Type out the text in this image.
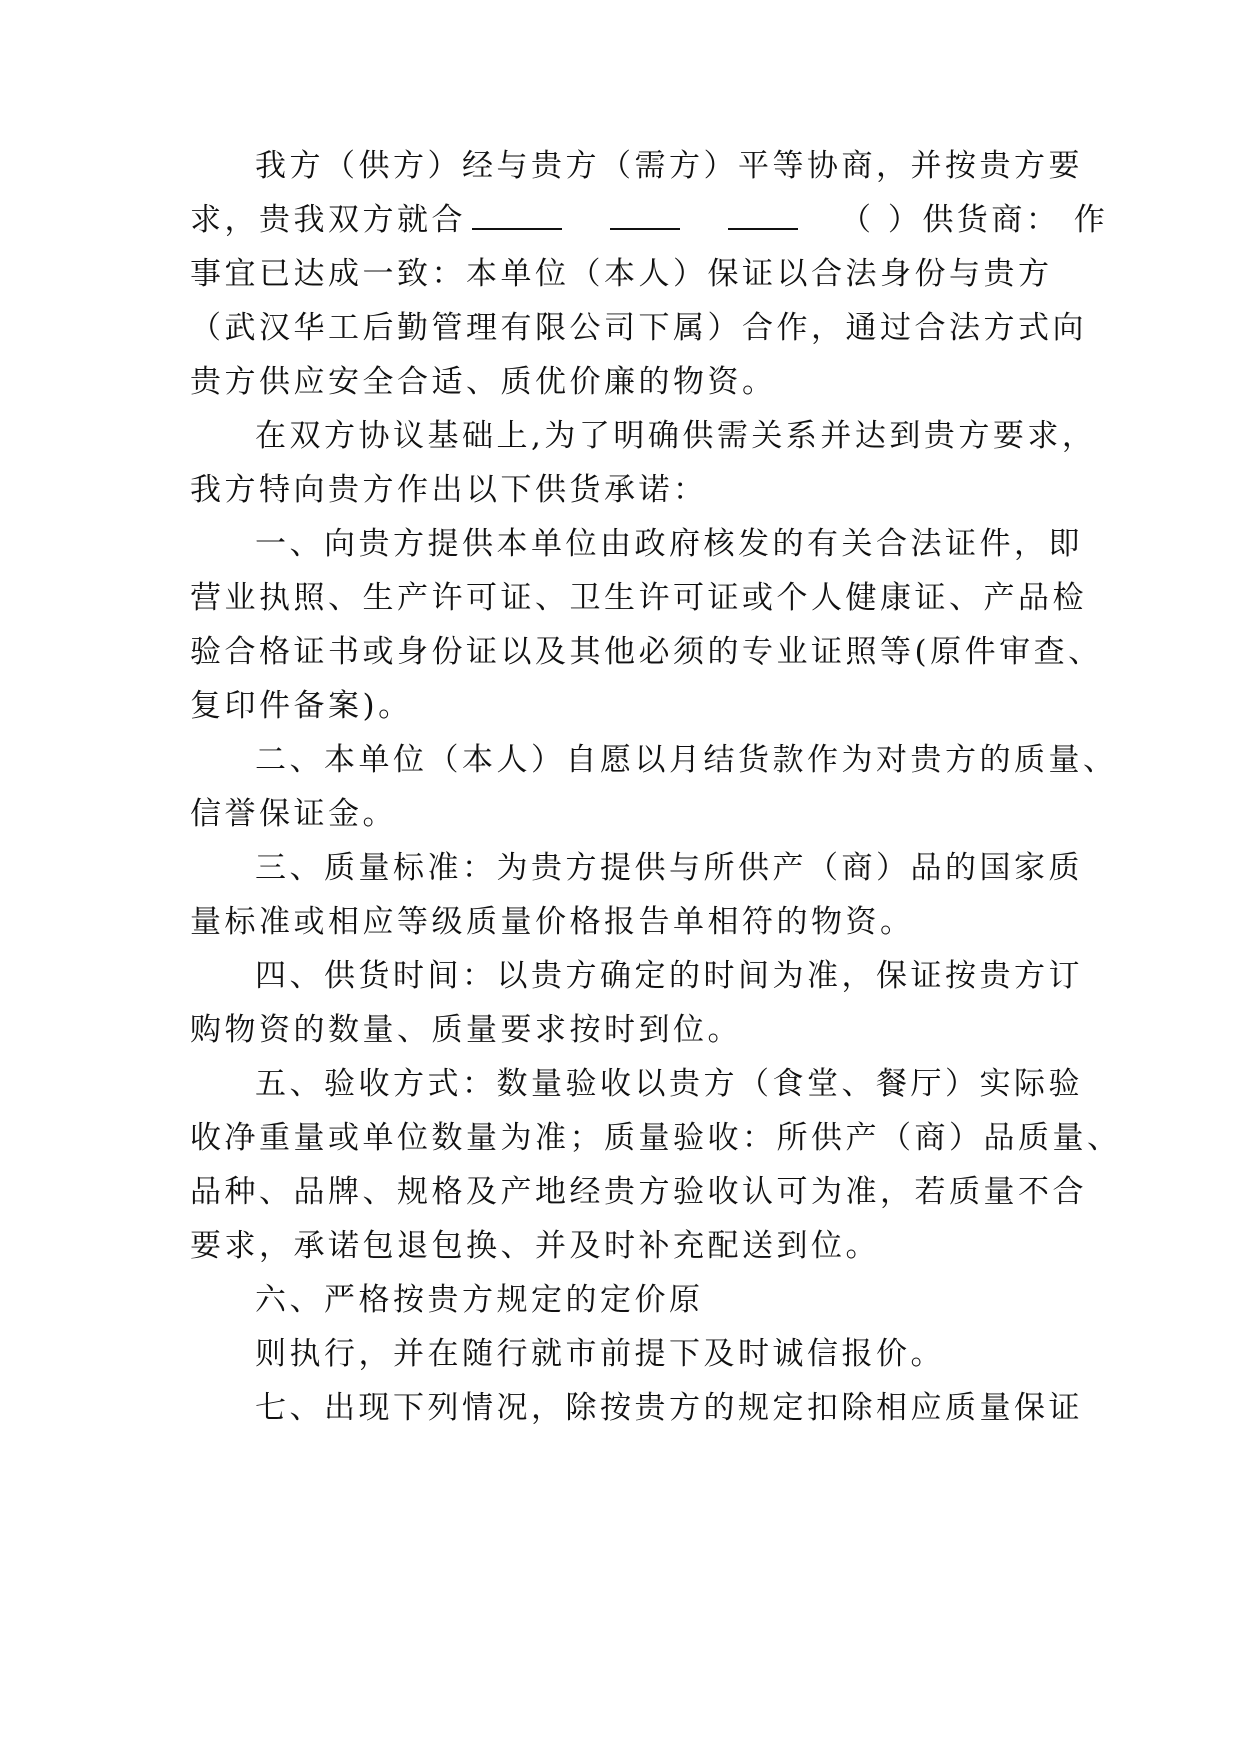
我方（供方）经与贵方（需方）平等协商，并按贵方要
求，贵我双方就合	（ ）供货商： 作
事宜已达成一致：本单位（本人）保证以合法身份与贵方
（武汉华工后勤管理有限公司下属）合作，通过合法方式向
贵方供应安全合适、质优价廉的物资。
在双方协议基础上,为了明确供需关系并达到贵方要求，
我方特向贵方作出以下供货承诺：
一、向贵方提供本单位由政府核发的有关合法证件，即
营业执照、生产许可证、卫生许可证或个人健康证、产品检
验合格证书或身份证以及其他必须的专业证照等(原件审查、
复印件备案)。
二、本单位（本人）自愿以月结货款作为对贵方的质量、
信誉保证金。
三、质量标准：为贵方提供与所供产（商）品的国家质
量标准或相应等级质量价格报告单相符的物资。
四、供货时间：以贵方确定的时间为准，保证按贵方订
购物资的数量、质量要求按时到位。
五、验收方式：数量验收以贵方（食堂、餐厅）实际验
收净重量或单位数量为准；质量验收：所供产（商）品质量、
品种、品牌、规格及产地经贵方验收认可为准，若质量不合
要求，承诺包退包换、并及时补充配送到位。
六、严格按贵方规定的定价原
则执行，并在随行就市前提下及时诚信报价。
七、出现下列情况，除按贵方的规定扣除相应质量保证
